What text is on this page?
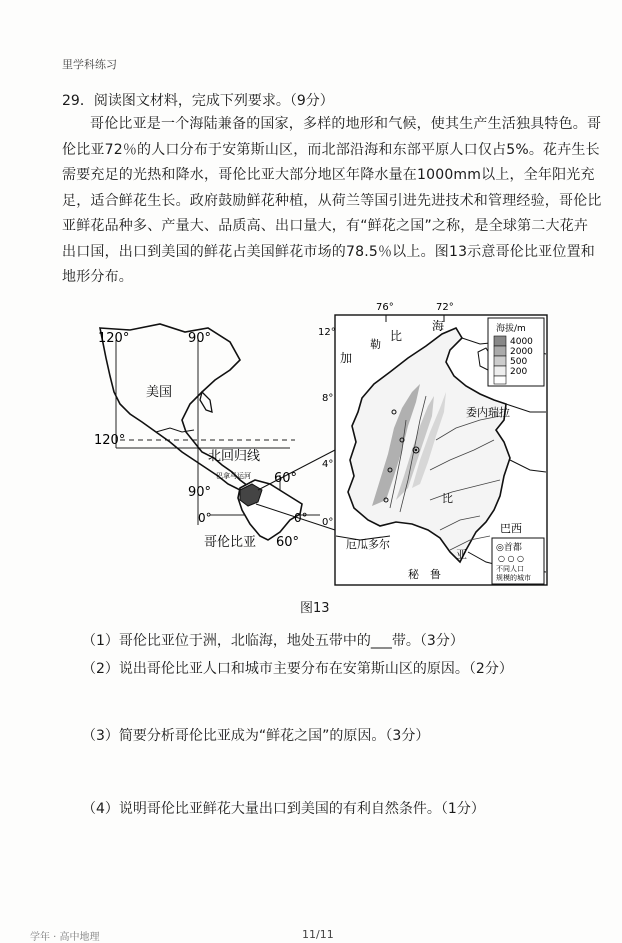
里学科练习
29．阅读图文材料，完成下列要求。（9分）
哥伦比亚是一个海陆兼备的国家，多样的地形和气候，使其生产生活独具特色。哥伦比亚72％的人口分布于安第斯山区，而北部沿海和东部平原人口仅占5%。花卉生长需要充足的光热和降水，哥伦比亚大部分地区年降水量在1000mm以上，全年阳光充足，适合鲜花生长。政府鼓励鲜花种植，从荷兰等国引进先进技术和管理经验，哥伦比亚鲜花品种多、产量大、品质高、出口量大，有“鲜花之国”之称，是全球第二大花卉出口国，出口到美国的鲜花占美国鲜花市场的78.5％以上。图13示意哥伦比亚位置和地形分布。
120°	90°
美国
120°
北回归线
巴拿马运河 60°
90°
0°	0°
哥伦比亚 60°
76°	72°
12°
8°
4°
0°
比
海
勒
加
委内瑞拉
厄瓜多尔
秘　鲁
巴西
比
亚
海拔/m
4000
2000
500
200
◎首都
○ ○ ○
不同人口
规模的城市
图13
（1）哥伦比亚位于洲，北临海，地处五带中的___带。（3分）
（2）说出哥伦比亚人口和城市主要分布在安第斯山区的原因。（2分）
（3）简要分析哥伦比亚成为“鲜花之国”的原因。（3分）
（4）说明哥伦比亚鲜花大量出口到美国的有利自然条件。（1分）
学年 · 高中地理	11/11
